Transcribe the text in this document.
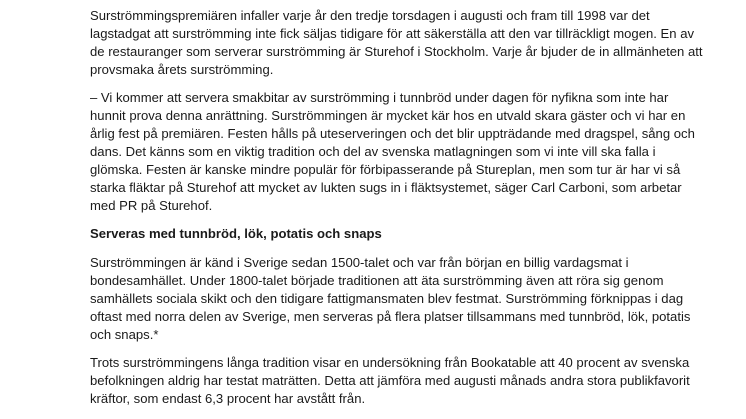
Surströmmingspremiären infaller varje år den tredje torsdagen i augusti och fram till 1998 var det lagstadgat att surströmming inte fick säljas tidigare för att säkerställa att den var tillräckligt mogen. En av de restauranger som serverar surströmming är Sturehof i Stockholm. Varje år bjuder de in allmänheten att provsmaka årets surströmming.

– Vi kommer att servera smakbitar av surströmming i tunnbröd under dagen för nyfikna som inte har hunnit prova denna anrättning. Surströmmingen är mycket kär hos en utvald skara gäster och vi har en årlig fest på premiären. Festen hålls på uteserveringen och det blir uppträdande med dragspel, sång och dans. Det känns som en viktig tradition och del av svenska matlagningen som vi inte vill ska falla i glömska. Festen är kanske mindre populär för förbipasserande på Stureplan, men som tur är har vi så starka fläktar på Sturehof att mycket av lukten sugs in i fläktsystemet, säger Carl Carboni, som arbetar med PR på Sturehof.

Serveras med tunnbröd, lök, potatis och snaps

Surströmmingen är känd i Sverige sedan 1500-talet och var från början en billig vardagsmat i bondesamhället. Under 1800-talet började traditionen att äta surströmming även att röra sig genom samhällets sociala skikt och den tidigare fattigmansmaten blev festmat. Surströmming förknippas i dag oftast med norra delen av Sverige, men serveras på flera platser tillsammans med tunnbröd, lök, potatis och snaps.*

Trots surströmmingens långa tradition visar en undersökning från Bookatable att 40 procent av svenska befolkningen aldrig har testat maträtten. Detta att jämföra med augusti månads andra stora publikfavorit kräftor, som endast 6,3 procent har avstått från.
